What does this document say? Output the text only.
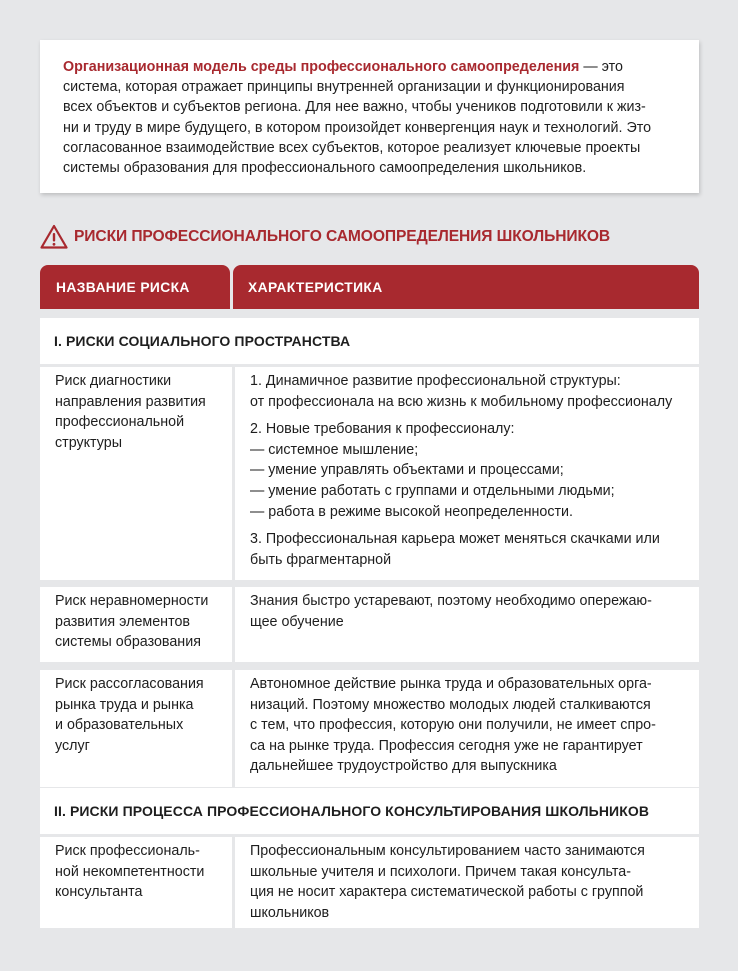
Организационная модель среды профессионального самоопределения — это
система, которая отражает принципы внутренней организации и функционирования
всех объектов и субъектов региона. Для нее важно, чтобы учеников подготовили к жиз-
ни и труду в мире будущего, в котором произойдет конвергенция наук и технологий. Это
согласованное взаимодействие всех субъектов, которое реализует ключевые проекты
системы образования для профессионального самоопределения школьников.
РИСКИ ПРОФЕССИОНАЛЬНОГО САМООПРЕДЕЛЕНИЯ ШКОЛЬНИКОВ
НАЗВАНИЕ РИСКА	ХАРАКТЕРИСТИКА
I. РИСКИ СОЦИАЛЬНОГО ПРОСТРАНСТВА
Риск диагностики
направления развития
профессиональной
структуры
1. Динамичное развитие профессиональной структуры:
от профессионала на всю жизнь к мобильному профессионалу
2. Новые требования к профессионалу:
— системное мышление;
— умение управлять объектами и процессами;
— умение работать с группами и отдельными людьми;
— работа в режиме высокой неопределенности.
3. Профессиональная карьера может меняться скачками или
быть фрагментарной
Риск неравномерности
развития элементов
системы образования
Знания быстро устаревают, поэтому необходимо опережаю-
щее обучение
Риск рассогласования
рынка труда и рынка
и образовательных
услуг
Автономное действие рынка труда и образовательных орга-
низаций. Поэтому множество молодых людей сталкиваются
с тем, что профессия, которую они получили, не имеет спро-
са на рынке труда. Профессия сегодня уже не гарантирует
дальнейшее трудоустройство для выпускника
II. РИСКИ ПРОЦЕССА ПРОФЕССИОНАЛЬНОГО КОНСУЛЬТИРОВАНИЯ ШКОЛЬНИКОВ
Риск профессиональ-
ной некомпетентности
консультанта
Профессиональным консультированием часто занимаются
школьные учителя и психологи. Причем такая консульта-
ция не носит характера систематической работы с группой
школьников
